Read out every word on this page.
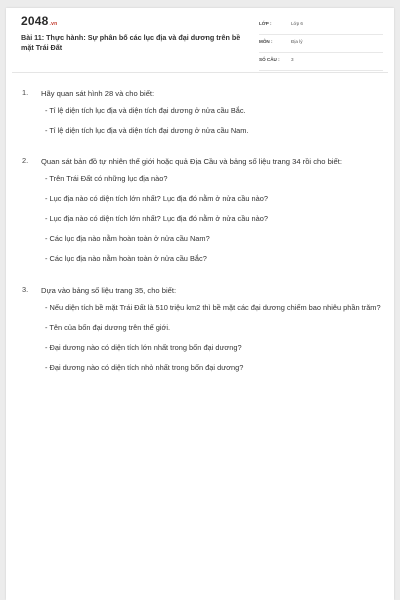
2048.vn
Bài 11: Thực hành: Sự phân bố các lục địa và đại dương trên bề mặt Trái Đất
LỚP :	Lớp 6
MÔN :	Địa lý
SỐ CÂU : 3
1. Hãy quan sát hình 28 và cho biết:
- Tỉ lệ diện tích lục địa và diện tích đại dương ở nửa cầu Bắc.
- Tỉ lệ diện tích lục địa và diện tích đại dương ở nửa cầu Nam.
2. Quan sát bản đồ tự nhiên thế giới hoặc quả Địa Cầu và bảng số liệu trang 34 rồi cho biết:
- Trên Trái Đất có những lục địa nào?
- Lục địa nào có diện tích lớn nhất? Lục địa đó nằm ở nửa cầu nào?
- Lục địa nào có diện tích lớn nhất? Lục địa đó nằm ở nửa cầu nào?
- Các lục địa nào nằm hoàn toàn ở nửa cầu Nam?
- Các lục địa nào nằm hoàn toàn ở nửa cầu Bắc?
3. Dựa vào bảng số liệu trang 35, cho biết:
- Nếu diện tích bề mặt Trái Đất là 510 triệu km2 thì bề mặt các đại dương chiếm bao nhiêu phần trăm?
- Tên của bốn đại dương trên thế giới.
- Đại dương nào có diện tích lớn nhất trong bốn đại dương?
- Đại dương nào có diện tích nhỏ nhất trong bốn đại dương?
